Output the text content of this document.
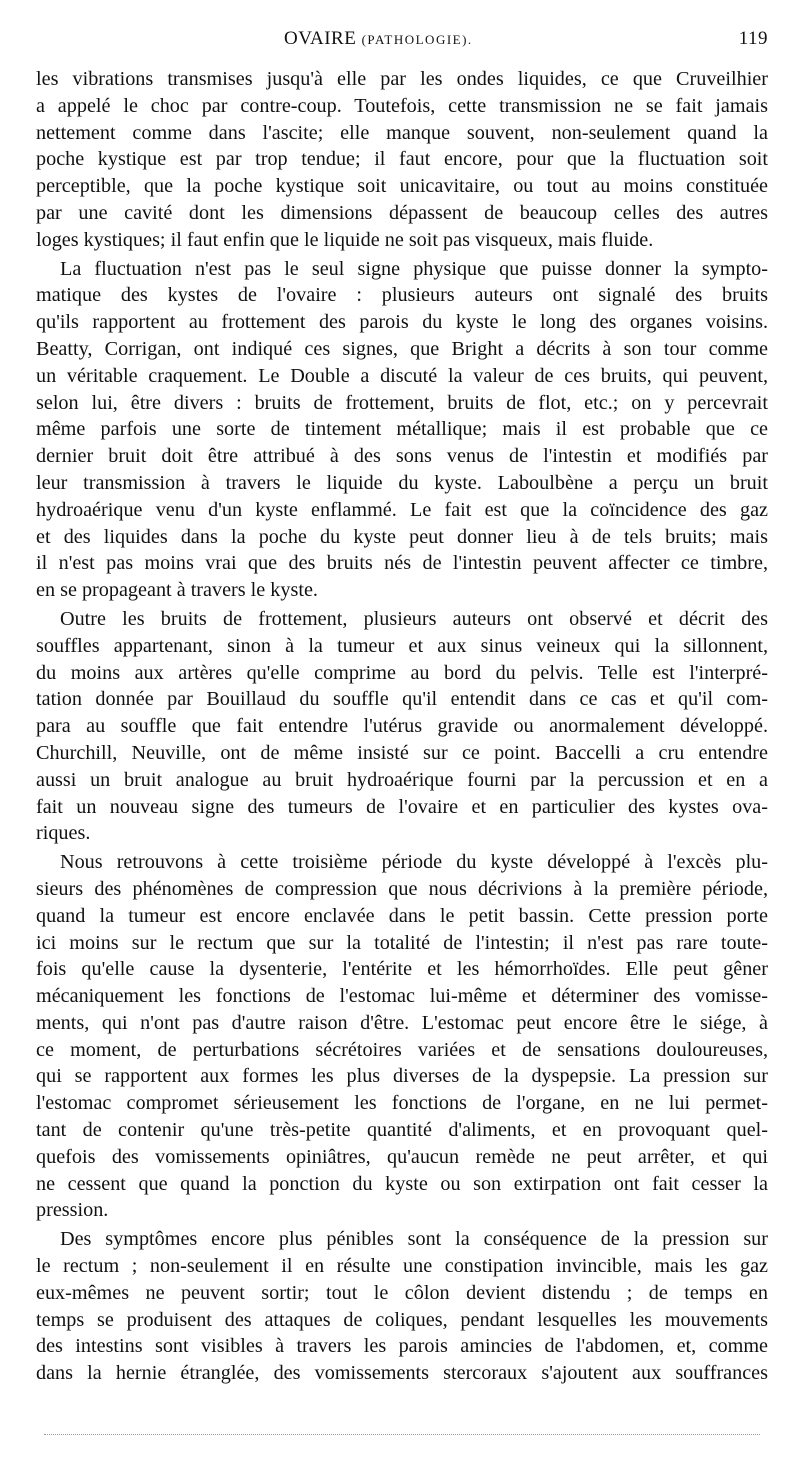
OVAIRE (PATHOLOGIE).	119
les vibrations transmises jusqu'à elle par les ondes liquides, ce que Cruveilhier
a appelé le choc par contre-coup. Toutefois, cette transmission ne se fait jamais
nettement comme dans l'ascite; elle manque souvent, non-seulement quand la
poche kystique est par trop tendue; il faut encore, pour que la fluctuation soit
perceptible, que la poche kystique soit unicavitaire, ou tout au moins constituée
par une cavité dont les dimensions dépassent de beaucoup celles des autres
loges kystiques; il faut enfin que le liquide ne soit pas visqueux, mais fluide.
La fluctuation n'est pas le seul signe physique que puisse donner la sympto-
matique des kystes de l'ovaire : plusieurs auteurs ont signalé des bruits
qu'ils rapportent au frottement des parois du kyste le long des organes voisins.
Beatty, Corrigan, ont indiqué ces signes, que Bright a décrits à son tour comme
un véritable craquement. Le Double a discuté la valeur de ces bruits, qui peuvent,
selon lui, être divers : bruits de frottement, bruits de flot, etc.; on y percevrait
même parfois une sorte de tintement métallique; mais il est probable que ce
dernier bruit doit être attribué à des sons venus de l'intestin et modifiés par
leur transmission à travers le liquide du kyste. Laboulbène a perçu un bruit
hydroaérique venu d'un kyste enflammé. Le fait est que la coïncidence des gaz
et des liquides dans la poche du kyste peut donner lieu à de tels bruits; mais
il n'est pas moins vrai que des bruits nés de l'intestin peuvent affecter ce timbre,
en se propageant à travers le kyste.
Outre les bruits de frottement, plusieurs auteurs ont observé et décrit des
souffles appartenant, sinon à la tumeur et aux sinus veineux qui la sillonnent,
du moins aux artères qu'elle comprime au bord du pelvis. Telle est l'interpré-
tation donnée par Bouillaud du souffle qu'il entendit dans ce cas et qu'il com-
para au souffle que fait entendre l'utérus gravide ou anormalement développé.
Churchill, Neuville, ont de même insisté sur ce point. Baccelli a cru entendre
aussi un bruit analogue au bruit hydroaérique fourni par la percussion et en a
fait un nouveau signe des tumeurs de l'ovaire et en particulier des kystes ova-
riques.
Nous retrouvons à cette troisième période du kyste développé à l'excès plu-
sieurs des phénomènes de compression que nous décrivions à la première période,
quand la tumeur est encore enclavée dans le petit bassin. Cette pression porte
ici moins sur le rectum que sur la totalité de l'intestin; il n'est pas rare toute-
fois qu'elle cause la dysenterie, l'entérite et les hémorrhoïdes. Elle peut gêner
mécaniquement les fonctions de l'estomac lui-même et déterminer des vomisse-
ments, qui n'ont pas d'autre raison d'être. L'estomac peut encore être le siége, à
ce moment, de perturbations sécrétoires variées et de sensations douloureuses,
qui se rapportent aux formes les plus diverses de la dyspepsie. La pression sur
l'estomac compromet sérieusement les fonctions de l'organe, en ne lui permet-
tant de contenir qu'une très-petite quantité d'aliments, et en provoquant quel-
quefois des vomissements opiniâtres, qu'aucun remède ne peut arrêter, et qui
ne cessent que quand la ponction du kyste ou son extirpation ont fait cesser la
pression.
Des symptômes encore plus pénibles sont la conséquence de la pression sur
le rectum ; non-seulement il en résulte une constipation invincible, mais les gaz
eux-mêmes ne peuvent sortir; tout le côlon devient distendu ; de temps en
temps se produisent des attaques de coliques, pendant lesquelles les mouvements
des intestins sont visibles à travers les parois amincies de l'abdomen, et, comme
dans la hernie étranglée, des vomissements stercoraux s'ajoutent aux souffrances
